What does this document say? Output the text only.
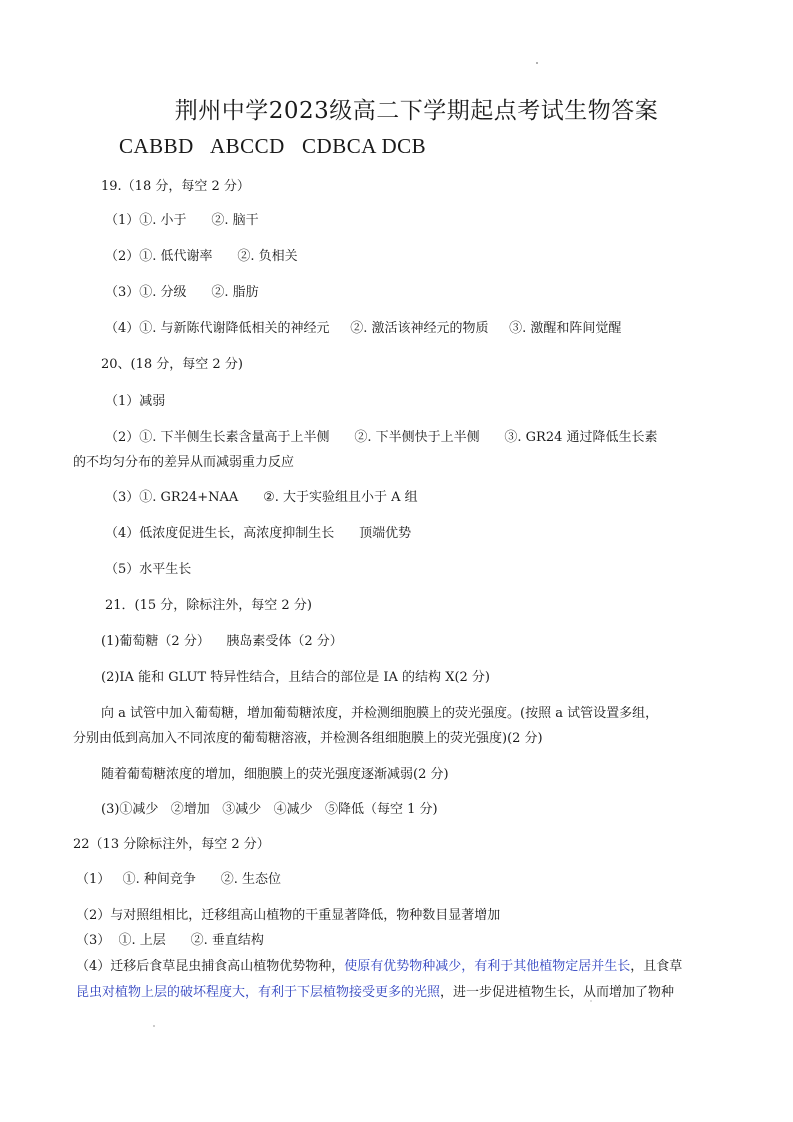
荆州中学2023级高二下学期起点考试生物答案
CABBD   ABCCD   CDBCA DCB
19.（18 分，每空 2 分）
（1）①. 小于      ②. 脑干
（2）①. 低代谢率      ②. 负相关
（3）①. 分级      ②. 脂肪
（4）①. 与新陈代谢降低相关的神经元     ②. 激活该神经元的物质     ③. 激醒和阵间觉醒
20、(18 分，每空 2 分)
（1）减弱
（2）①. 下半侧生长素含量高于上半侧      ②. 下半侧快于上半侧      ③. GR24 通过降低生长素
的不均匀分布的差异从而减弱重力反应
（3）①. GR24+NAA      ②. 大于实验组且小于 A 组
（4）低浓度促进生长，高浓度抑制生长      顶端优势
（5）水平生长
21．(15 分，除标注外，每空 2 分)
(1)葡萄糖（2 分）    胰岛素受体（2 分）
(2)IA 能和 GLUT 特异性结合，且结合的部位是 IA 的结构 X(2 分)
向 a 试管中加入葡萄糖，增加葡萄糖浓度，并检测细胞膜上的荧光强度。(按照 a 试管设置多组，
分别由低到高加入不同浓度的葡萄糖溶液，并检测各组细胞膜上的荧光强度)(2 分)
随着葡萄糖浓度的增加，细胞膜上的荧光强度逐渐减弱(2 分)
(3)①减少   ②增加   ③减少   ④减少   ⑤降低（每空 1 分)
22（13 分除标注外，每空 2 分）
（1）   ①. 种间竞争      ②. 生态位
（2）与对照组相比，迁移组高山植物的干重显著降低，物种数目显著增加
（3）  ①. 上层      ②. 垂直结构
（4）迁移后食草昆虫捕食高山植物优势物种，使原有优势物种减少，有利于其他植物定居并生长，且食草
昆虫对植物上层的破坏程度大，有利于下层植物接受更多的光照，进一步促进植物生长，从而增加了物种
